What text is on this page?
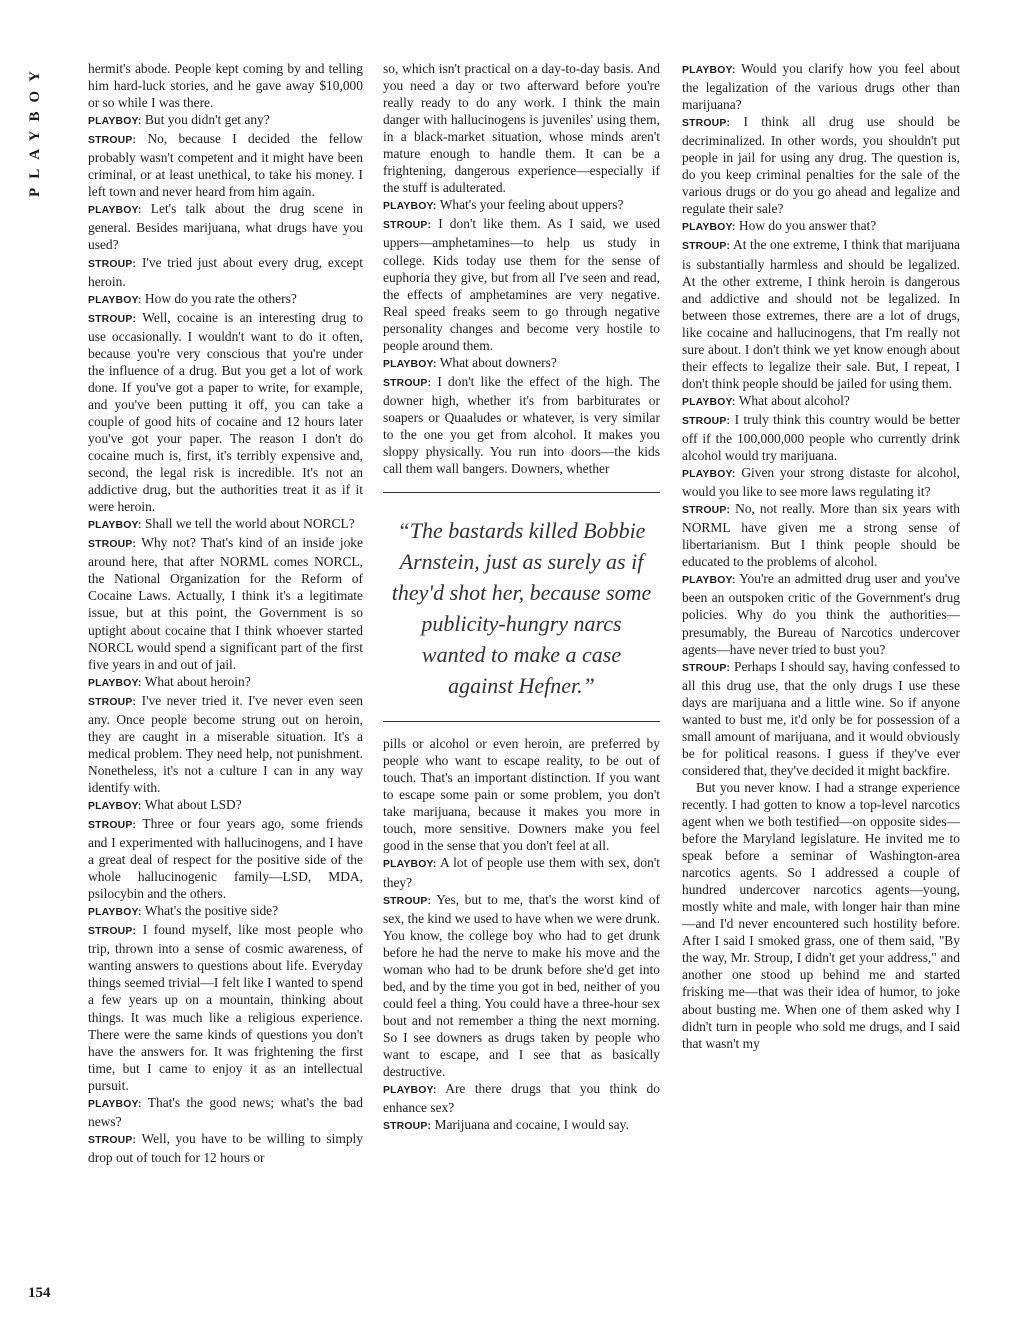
PLAYBOY	hermit's abode. People kept coming by and telling him hard-luck stories, and he gave away $10,000 or so while I was there.

PLAYBOY: But you didn't get any?

STROUP: No, because I decided the fellow probably wasn't competent and it might have been criminal, or at least unethical, to take his money. I left town and never heard from him again.

PLAYBOY: Let's talk about the drug scene in general. Besides marijuana, what drugs have you used?

STROUP: I've tried just about every drug, except heroin.

PLAYBOY: How do you rate the others?

STROUP: Well, cocaine is an interesting drug to use occasionally. I wouldn't want to do it often, because you're very conscious that you're under the influence of a drug. But you get a lot of work done. If you've got a paper to write, for example, and you've been putting it off, you can take a couple of good hits of cocaine and 12 hours later you've got your paper. The reason I don't do cocaine much is, first, it's terribly expensive and, second, the legal risk is incredible. It's not an addictive drug, but the authorities treat it as if it were heroin.

PLAYBOY: Shall we tell the world about NORCL?

STROUP: Why not? That's kind of an inside joke around here, that after NORML comes NORCL, the National Organization for the Reform of Cocaine Laws. Actually, I think it's a legitimate issue, but at this point, the Government is so uptight about cocaine that I think whoever started NORCL would spend a significant part of the first five years in and out of jail.

PLAYBOY: What about heroin?

STROUP: I've never tried it. I've never even seen any. Once people become strung out on heroin, they are caught in a miserable situation. It's a medical problem. They need help, not punishment. Nonetheless, it's not a culture I can in any way identify with.

PLAYBOY: What about LSD?

STROUP: Three or four years ago, some friends and I experimented with hallucinogens, and I have a great deal of respect for the positive side of the whole hallucinogenic family—LSD, MDA, psilocybin and the others.

PLAYBOY: What's the positive side?

STROUP: I found myself, like most people who trip, thrown into a sense of cosmic awareness, of wanting answers to questions about life. Everyday things seemed trivial—I felt like I wanted to spend a few years up on a mountain, thinking about things. It was much like a religious experience. There were the same kinds of questions you don't have the answers for. It was frightening the first time, but I came to enjoy it as an intellectual pursuit.

PLAYBOY: That's the good news; what's the bad news?

STROUP: Well, you have to be willing to simply drop out of touch for 12 hours or

so, which isn't practical on a day-to-day basis. And you need a day or two afterward before you're really ready to do any work. I think the main danger with hallucinogens is juveniles' using them, in a black-market situation, whose minds aren't mature enough to handle them. It can be a frightening, dangerous experience—especially if the stuff is adulterated.

PLAYBOY: What's your feeling about uppers?

STROUP: I don't like them. As I said, we used uppers—amphetamines—to help us study in college. Kids today use them for the sense of euphoria they give, but from all I've seen and read, the effects of amphetamines are very negative. Real speed freaks seem to go through negative personality changes and become very hostile to people around them.

PLAYBOY: What about downers?

STROUP: I don't like the effect of the high. The downer high, whether it's from barbiturates or soapers or Quaaludes or whatever, is very similar to the one you get from alcohol. It makes you sloppy physically. You run into doors—the kids call them wall bangers. Downers, whether

“The bastards killed Bobbie Arnstein, just as surely as if they'd shot her, because some publicity-hungry narcs wanted to make a case against Hefner.”

pills or alcohol or even heroin, are preferred by people who want to escape reality, to be out of touch. That's an important distinction. If you want to escape some pain or some problem, you don't take marijuana, because it makes you more in touch, more sensitive. Downers make you feel good in the sense that you don't feel at all.

PLAYBOY: A lot of people use them with sex, don't they?

STROUP: Yes, but to me, that's the worst kind of sex, the kind we used to have when we were drunk. You know, the college boy who had to get drunk before he had the nerve to make his move and the woman who had to be drunk before she'd get into bed, and by the time you got in bed, neither of you could feel a thing. You could have a three-hour sex bout and not remember a thing the next morning. So I see downers as drugs taken by people who want to escape, and I see that as basically destructive.

PLAYBOY: Are there drugs that you think do enhance sex?

STROUP: Marijuana and cocaine, I would say.

PLAYBOY: Would you clarify how you feel about the legalization of the various drugs other than marijuana?

STROUP: I think all drug use should be decriminalized. In other words, you shouldn't put people in jail for using any drug. The question is, do you keep criminal penalties for the sale of the various drugs or do you go ahead and legalize and regulate their sale?

PLAYBOY: How do you answer that?

STROUP: At the one extreme, I think that marijuana is substantially harmless and should be legalized. At the other extreme, I think heroin is dangerous and addictive and should not be legalized. In between those extremes, there are a lot of drugs, like cocaine and hallucinogens, that I'm really not sure about. I don't think we yet know enough about their effects to legalize their sale. But, I repeat, I don't think people should be jailed for using them.

PLAYBOY: What about alcohol?

STROUP: I truly think this country would be better off if the 100,000,000 people who currently drink alcohol would try marijuana.

PLAYBOY: Given your strong distaste for alcohol, would you like to see more laws regulating it?

STROUP: No, not really. More than six years with NORML have given me a strong sense of libertarianism. But I think people should be educated to the problems of alcohol.

PLAYBOY: You're an admitted drug user and you've been an outspoken critic of the Government's drug policies. Why do you think the authorities—presumably, the Bureau of Narcotics undercover agents—have never tried to bust you?

STROUP: Perhaps I should say, having confessed to all this drug use, that the only drugs I use these days are marijuana and a little wine. So if anyone wanted to bust me, it'd only be for possession of a small amount of marijuana, and it would obviously be for political reasons. I guess if they've ever considered that, they've decided it might backfire.

But you never know. I had a strange experience recently. I had gotten to know a top-level narcotics agent when we both testified—on opposite sides—before the Maryland legislature. He invited me to speak before a seminar of Washington-area narcotics agents. So I addressed a couple of hundred undercover narcotics agents—young, mostly white and male, with longer hair than mine—and I'd never encountered such hostility before. After I said I smoked grass, one of them said, "By the way, Mr. Stroup, I didn't get your address," and another one stood up behind me and started frisking me—that was their idea of humor, to joke about busting me. When one of them asked why I didn't turn in people who sold me drugs, and I said that wasn't my

154
